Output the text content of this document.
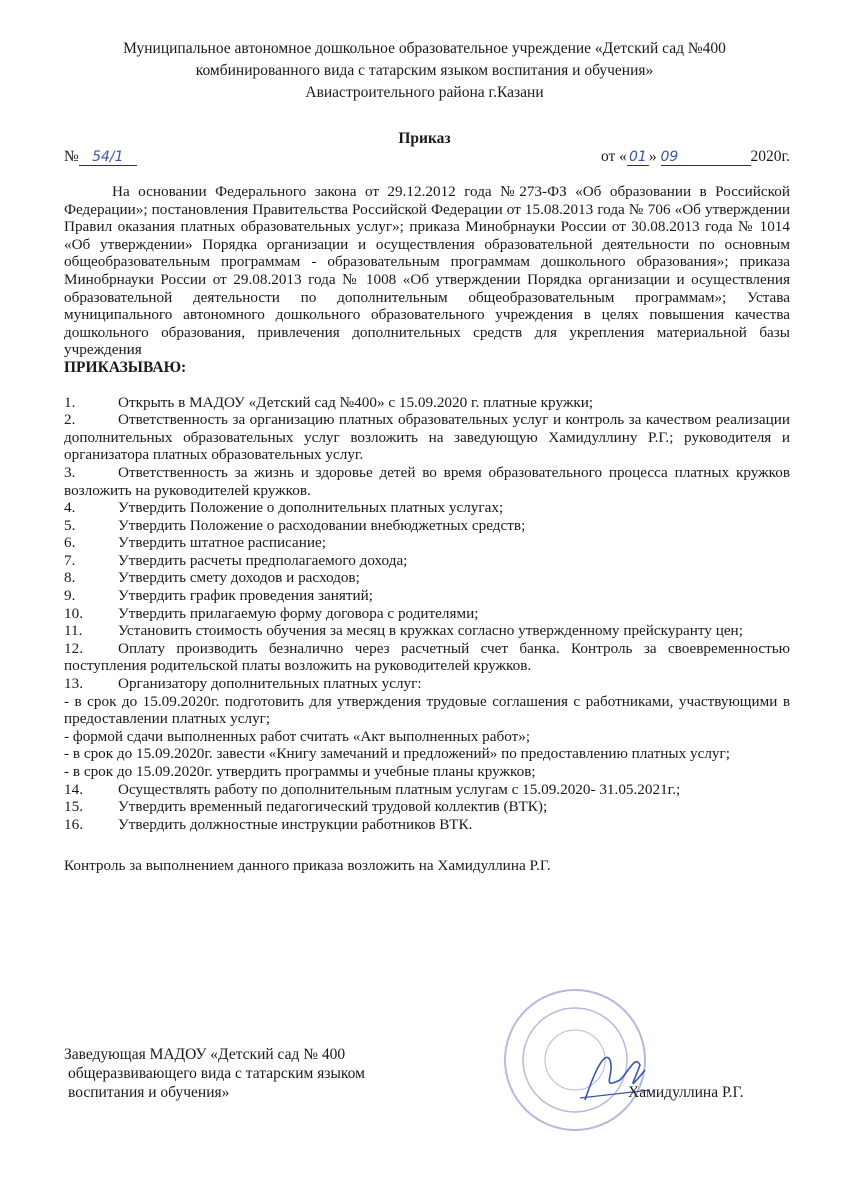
Муниципальное автономное дошкольное образовательное учреждение «Детский сад №400
комбинированного вида с татарским языком воспитания и обучения»
Авиастроительного района г.Казани
Приказ
№ 54/1	от « 01 » 09	2020г.

На основании Федерального закона от 29.12.2012 года №273-ФЗ «Об образовании в Российской Федерации»; постановления Правительства Российской Федерации от 15.08.2013 года № 706 «Об утверждении Правил оказания платных образовательных услуг»; приказа Минобрнауки России от 30.08.2013 года № 1014 «Об утверждении» Порядка организации и осуществления образовательной деятельности по основным общеобразовательным программам - образовательным программам дошкольного образования»; приказа Минобрнауки России от 29.08.2013 года № 1008 «Об утверждении Порядка организации и осуществления образовательной деятельности по дополнительным общеобразовательным программам»; Устава муниципального автономного дошкольного образовательного учреждения в целях повышения качества дошкольного образования, привлечения дополнительных средств для укрепления материальной базы учреждения

ПРИКАЗЫВАЮ:

1.	Открыть в МАДОУ «Детский сад №400» с 15.09.2020 г. платные кружки;

2.	Ответственность за организацию платных образовательных услуг и контроль за качеством реализации дополнительных образовательных услуг возложить на заведующую Хамидуллину Р.Г.; руководителя и организатора платных образовательных услуг.

3.	Ответственность за жизнь и здоровье детей во время образовательного процесса платных кружков возложить на руководителей кружков.

4.	Утвердить Положение о дополнительных платных услугах;

5.	Утвердить Положение о расходовании внебюджетных средств;

6.	Утвердить штатное расписание;

7.	Утвердить расчеты предполагаемого дохода;

8.	Утвердить смету доходов и расходов;

9.	Утвердить график проведения занятий;

10. Утвердить прилагаемую форму договора с родителями;

11. Установить стоимость обучения за месяц в кружках согласно утвержденному прейскуранту цен;

12. Оплату производить безналично через расчетный счет банка. Контроль за своевременностью поступления родительской платы возложить на руководителей кружков.

13. Организатору дополнительных платных услуг:

- в срок до 15.09.2020г. подготовить для утверждения трудовые соглашения с работниками, участвующими в предоставлении платных услуг;

- формой сдачи выполненных работ считать «Акт выполненных работ»;

- в срок до 15.09.2020г. завести «Книгу замечаний и предложений» по предоставлению платных услуг;

- в срок до 15.09.2020г. утвердить программы и учебные планы кружков;

14. Осуществлять работу по дополнительным платным услугам с 15.09.2020- 31.05.2021г.;

15. Утвердить временный педагогический трудовой коллектив (ВТК);

16. Утвердить должностные инструкции работников ВТК.

Контроль за выполнением данного приказа возложить на Хамидуллина Р.Г.

Заведующая МАДОУ «Детский сад № 400
общеразвивающего вида с татарским языком
воспитания и обучения»	Хамидуллина Р.Г.
